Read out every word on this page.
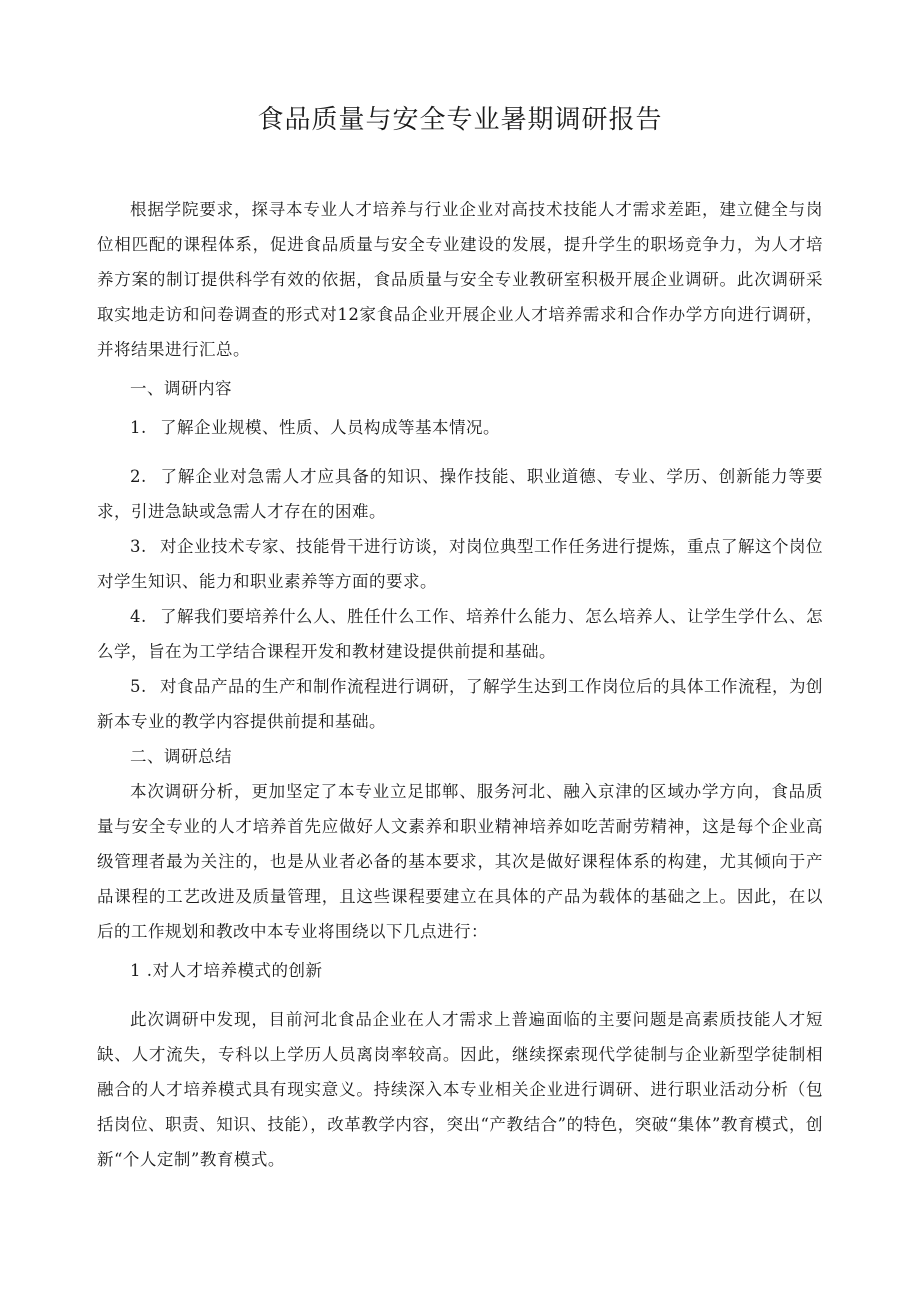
食品质量与安全专业暑期调研报告

根据学院要求，探寻本专业人才培养与行业企业对高技术技能人才需求差距，建立健全与岗位相匹配的课程体系，促进食品质量与安全专业建设的发展，提升学生的职场竞争力，为人才培养方案的制订提供科学有效的依据，食品质量与安全专业教研室积极开展企业调研。此次调研采取实地走访和问卷调查的形式对12家食品企业开展企业人才培养需求和合作办学方向进行调研，并将结果进行汇总。

一、调研内容

1. 了解企业规模、性质、人员构成等基本情况。

2. 了解企业对急需人才应具备的知识、操作技能、职业道德、专业、学历、创新能力等要求，引进急缺或急需人才存在的困难。

3. 对企业技术专家、技能骨干进行访谈，对岗位典型工作任务进行提炼，重点了解这个岗位对学生知识、能力和职业素养等方面的要求。

4. 了解我们要培养什么人、胜任什么工作、培养什么能力、怎么培养人、让学生学什么、怎么学，旨在为工学结合课程开发和教材建设提供前提和基础。

5. 对食品产品的生产和制作流程进行调研，了解学生达到工作岗位后的具体工作流程，为创新本专业的教学内容提供前提和基础。

二、调研总结

本次调研分析，更加坚定了本专业立足邯郸、服务河北、融入京津的区域办学方向，食品质量与安全专业的人才培养首先应做好人文素养和职业精神培养如吃苦耐劳精神，这是每个企业高级管理者最为关注的，也是从业者必备的基本要求，其次是做好课程体系的构建，尤其倾向于产品课程的工艺改进及质量管理，且这些课程要建立在具体的产品为载体的基础之上。因此，在以后的工作规划和教改中本专业将围绕以下几点进行：

1 .对人才培养模式的创新

此次调研中发现，目前河北食品企业在人才需求上普遍面临的主要问题是高素质技能人才短缺、人才流失，专科以上学历人员离岗率较高。因此，继续探索现代学徒制与企业新型学徒制相融合的人才培养模式具有现实意义。持续深入本专业相关企业进行调研、进行职业活动分析（包括岗位、职责、知识、技能），改革教学内容，突出“产教结合”的特色，突破“集体”教育模式，创新“个人定制”教育模式。
